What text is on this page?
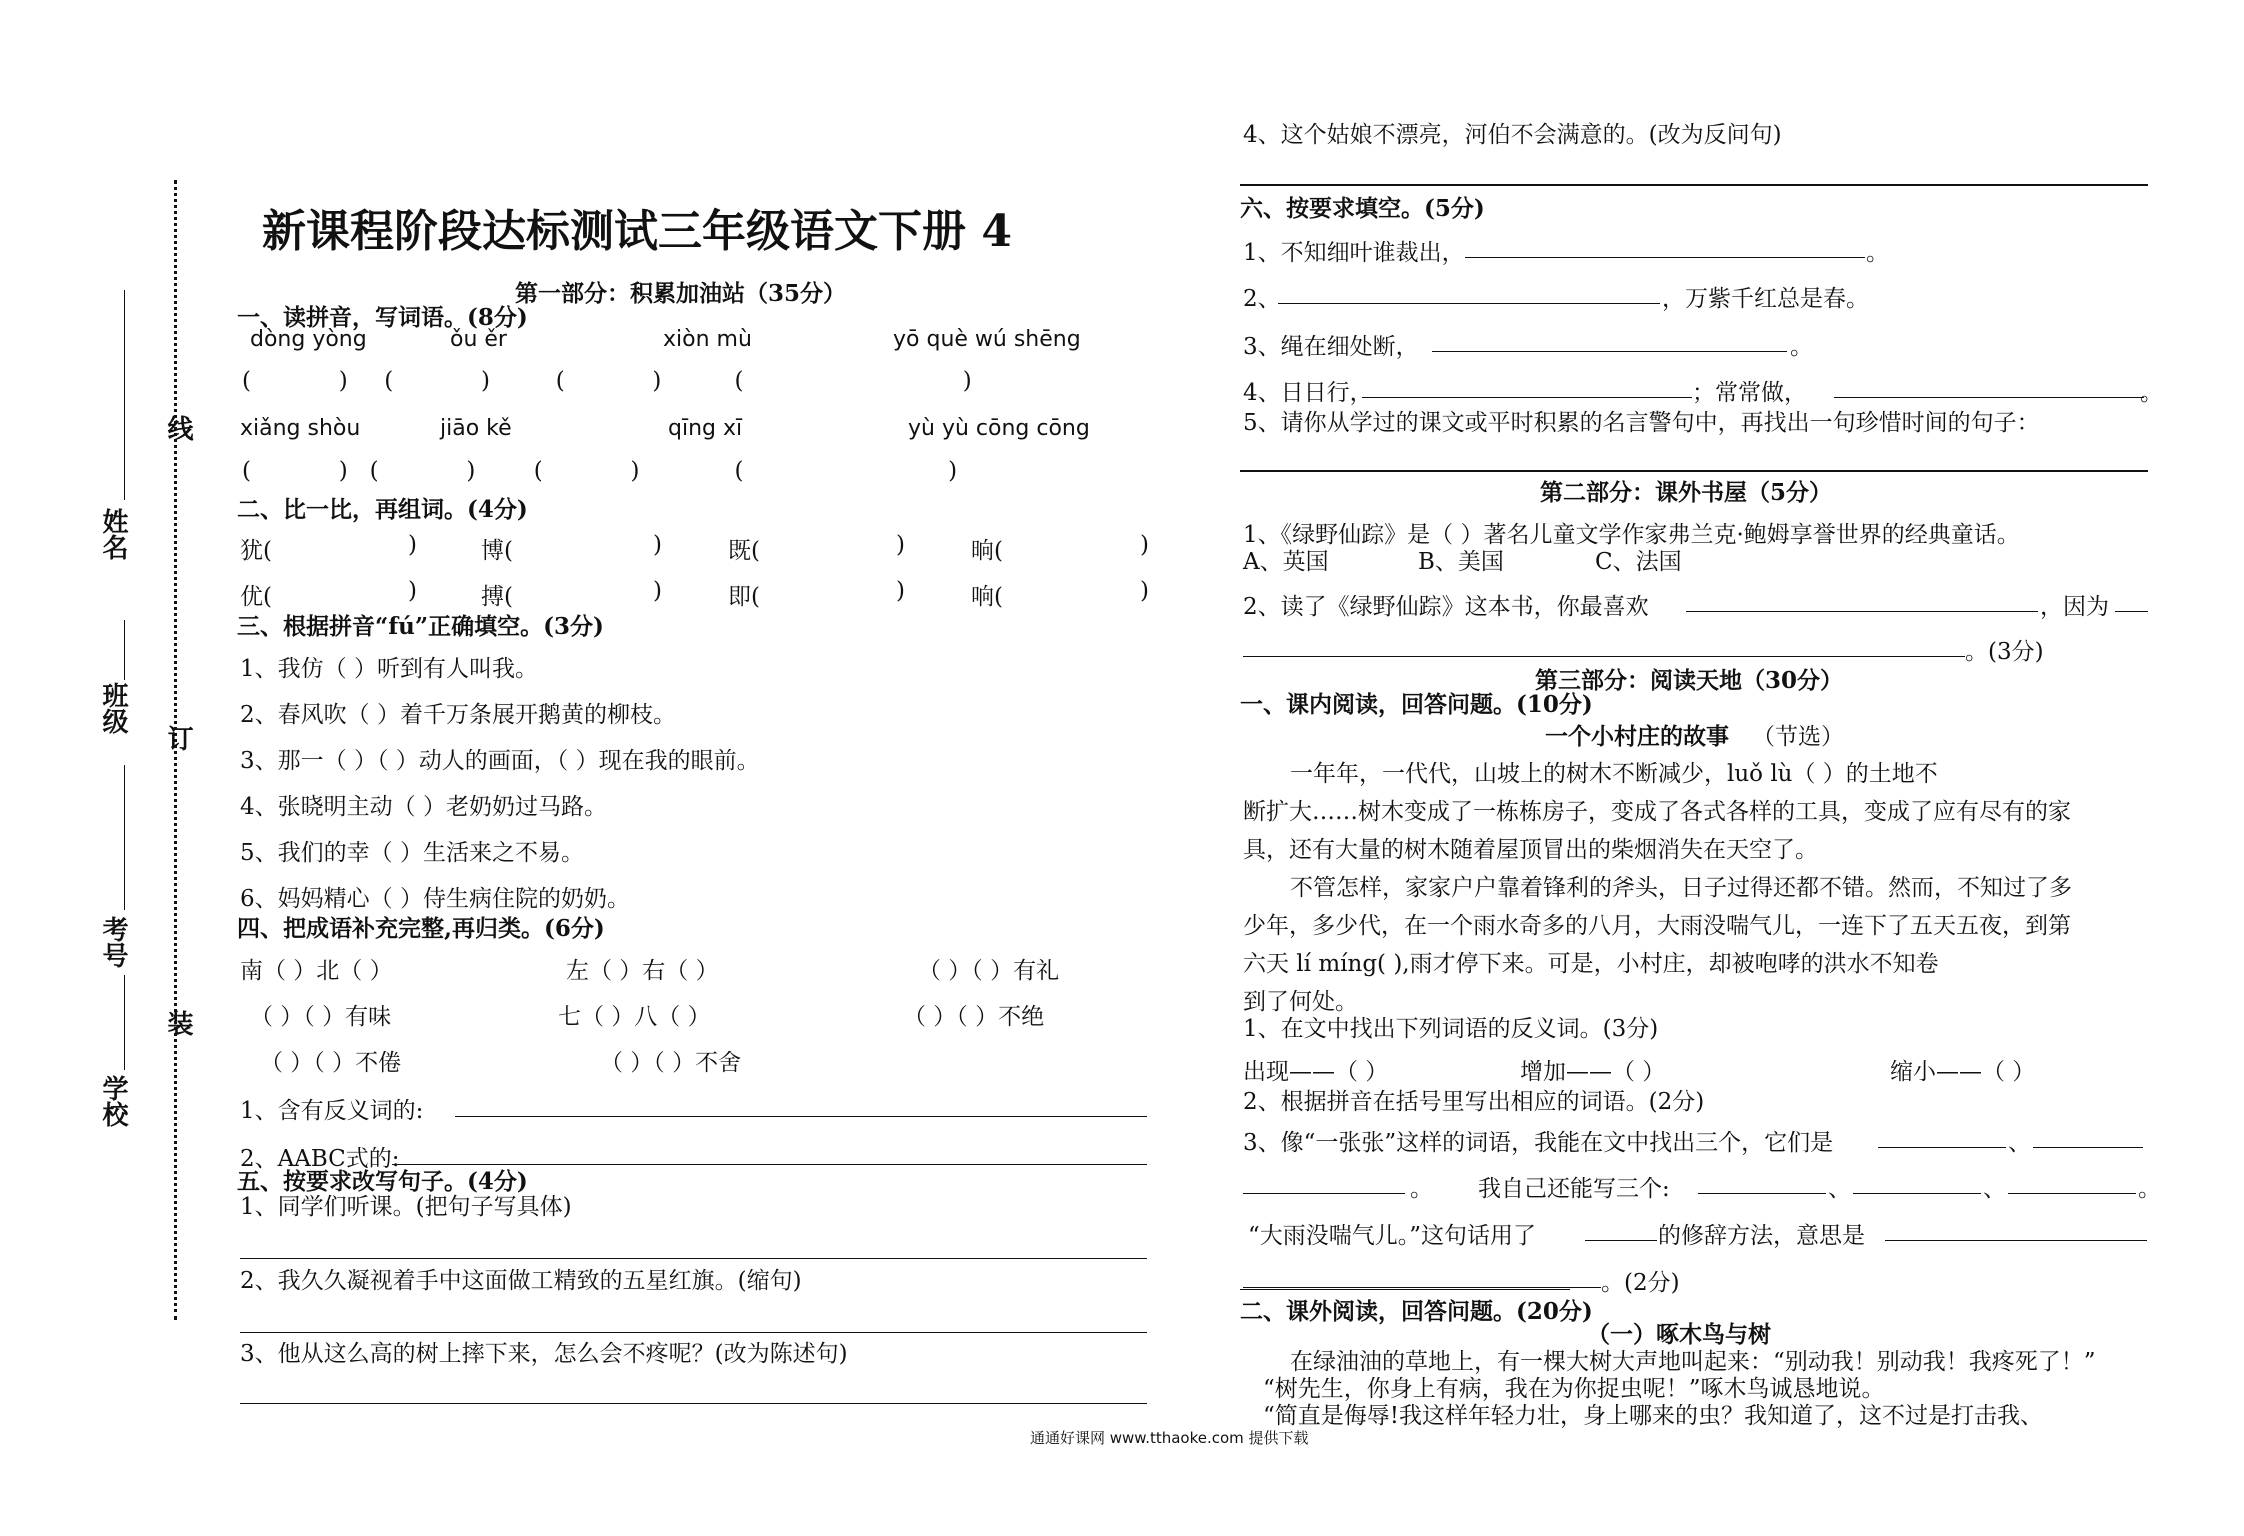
线
订
装
姓名
班级
考号
学校
新课程阶段达标测试三年级语文下册 4
第一部分：积累加油站（35分）
一、读拼音，写词语。(8分)
dòng yòng	ǒu ěr	xiòn mù	yō què wú shēng
(            )     (            )         (            )          (                              )
xiǎng shòu	jiāo kě	qīng xī	yù yù cōng cōng
(            )   (            )        (            )             (                            )
二、比一比，再组词。(4分)
犹(	博(	既(	晌(
)	)	)	)
优(	搏(	即(	响(
)	)	)	)
三、根据拼音“fú”正确填空。(3分)
1、我仿（ ）听到有人叫我。
2、春风吹（ ）着千万条展开鹅黄的柳枝。
3、那一（ ）（ ）动人的画面，（ ）现在我的眼前。
4、张晓明主动（ ）老奶奶过马路。
5、我们的幸（ ）生活来之不易。
6、妈妈精心（ ）侍生病住院的奶奶。
四、把成语补充完整,再归类。(6分)
南（ ）北（ ）	左（ ）右（ ）	（ ）（ ）有礼
（ ）（ ）有味	七（ ）八（ ）	（ ）（ ）不绝
（ ）（ ）不倦	（ ）（ ）不舍
1、含有反义词的:
2、AABC式的:
五、按要求改写句子。(4分)
1、同学们听课。(把句子写具体)
2、我久久凝视着手中这面做工精致的五星红旗。(缩句)
3、他从这么高的树上摔下来，怎么会不疼呢？(改为陈述句)
4、这个姑娘不漂亮，河伯不会满意的。(改为反问句)
六、按要求填空。(5分)
1、不知细叶谁裁出，	。
2、	，万紫千红总是春。
3、绳在细处断，	。
4、日日行，	；常常做，	。
5、请你从学过的课文或平时积累的名言警句中，再找出一句珍惜时间的句子：
第二部分：课外书屋（5分）
1、《绿野仙踪》是（ ）著名儿童文学作家弗兰克·鲍姆享誉世界的经典童话。
A、英国	B、美国	C、法国
2、读了《绿野仙踪》这本书，你最喜欢	，因为
。(3分)
第三部分：阅读天地（30分）
一、课内阅读，回答问题。(10分)
一个小村庄的故事 （节选）
一年年，一代代，山坡上的树木不断减少，luǒ lù（ ）的土地不
断扩大……树木变成了一栋栋房子，变成了各式各样的工具，变成了应有尽有的家
具，还有大量的树木随着屋顶冒出的柴烟消失在天空了。
不管怎样，家家户户靠着锋利的斧头，日子过得还都不错。然而，不知过了多
少年，多少代，在一个雨水奇多的八月，大雨没喘气儿，一连下了五天五夜，到第
六天 lí míng( ),雨才停下来。可是，小村庄，却被咆哮的洪水不知卷
到了何处。
1、在文中找出下列词语的反义词。(3分)
出现——（ ）	增加——（ ）	缩小——（ ）
2、根据拼音在括号里写出相应的词语。(2分)
3、像“一张张”这样的词语，我能在文中找出三个，它们是	、
。 我自己还能写三个:	、	、	。
“大雨没喘气儿。”这句话用了	的修辞方法，意思是
。(2分)
二、课外阅读，回答问题。(20分)
（一）啄木鸟与树
在绿油油的草地上，有一棵大树大声地叫起来：“别动我！别动我！我疼死了！”
“树先生，你身上有病，我在为你捉虫呢！”啄木鸟诚恳地说。
“简直是侮辱!我这样年轻力壮，身上哪来的虫？我知道了，这不过是打击我、
通通好课网 www.tthaoke.com 提供下载
